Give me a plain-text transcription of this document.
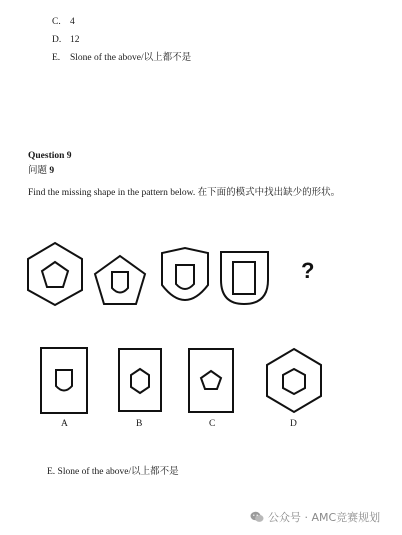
C. 4
D. 12
E. Slone of the above/以上都不是
Question 9
问题 9
Find the missing shape in the pattern below. 在下面的模式中找出缺少的形状。
?
A	B	C	D
E. Slone of the above/以上都不是
公众号 · AMC竞赛规划
